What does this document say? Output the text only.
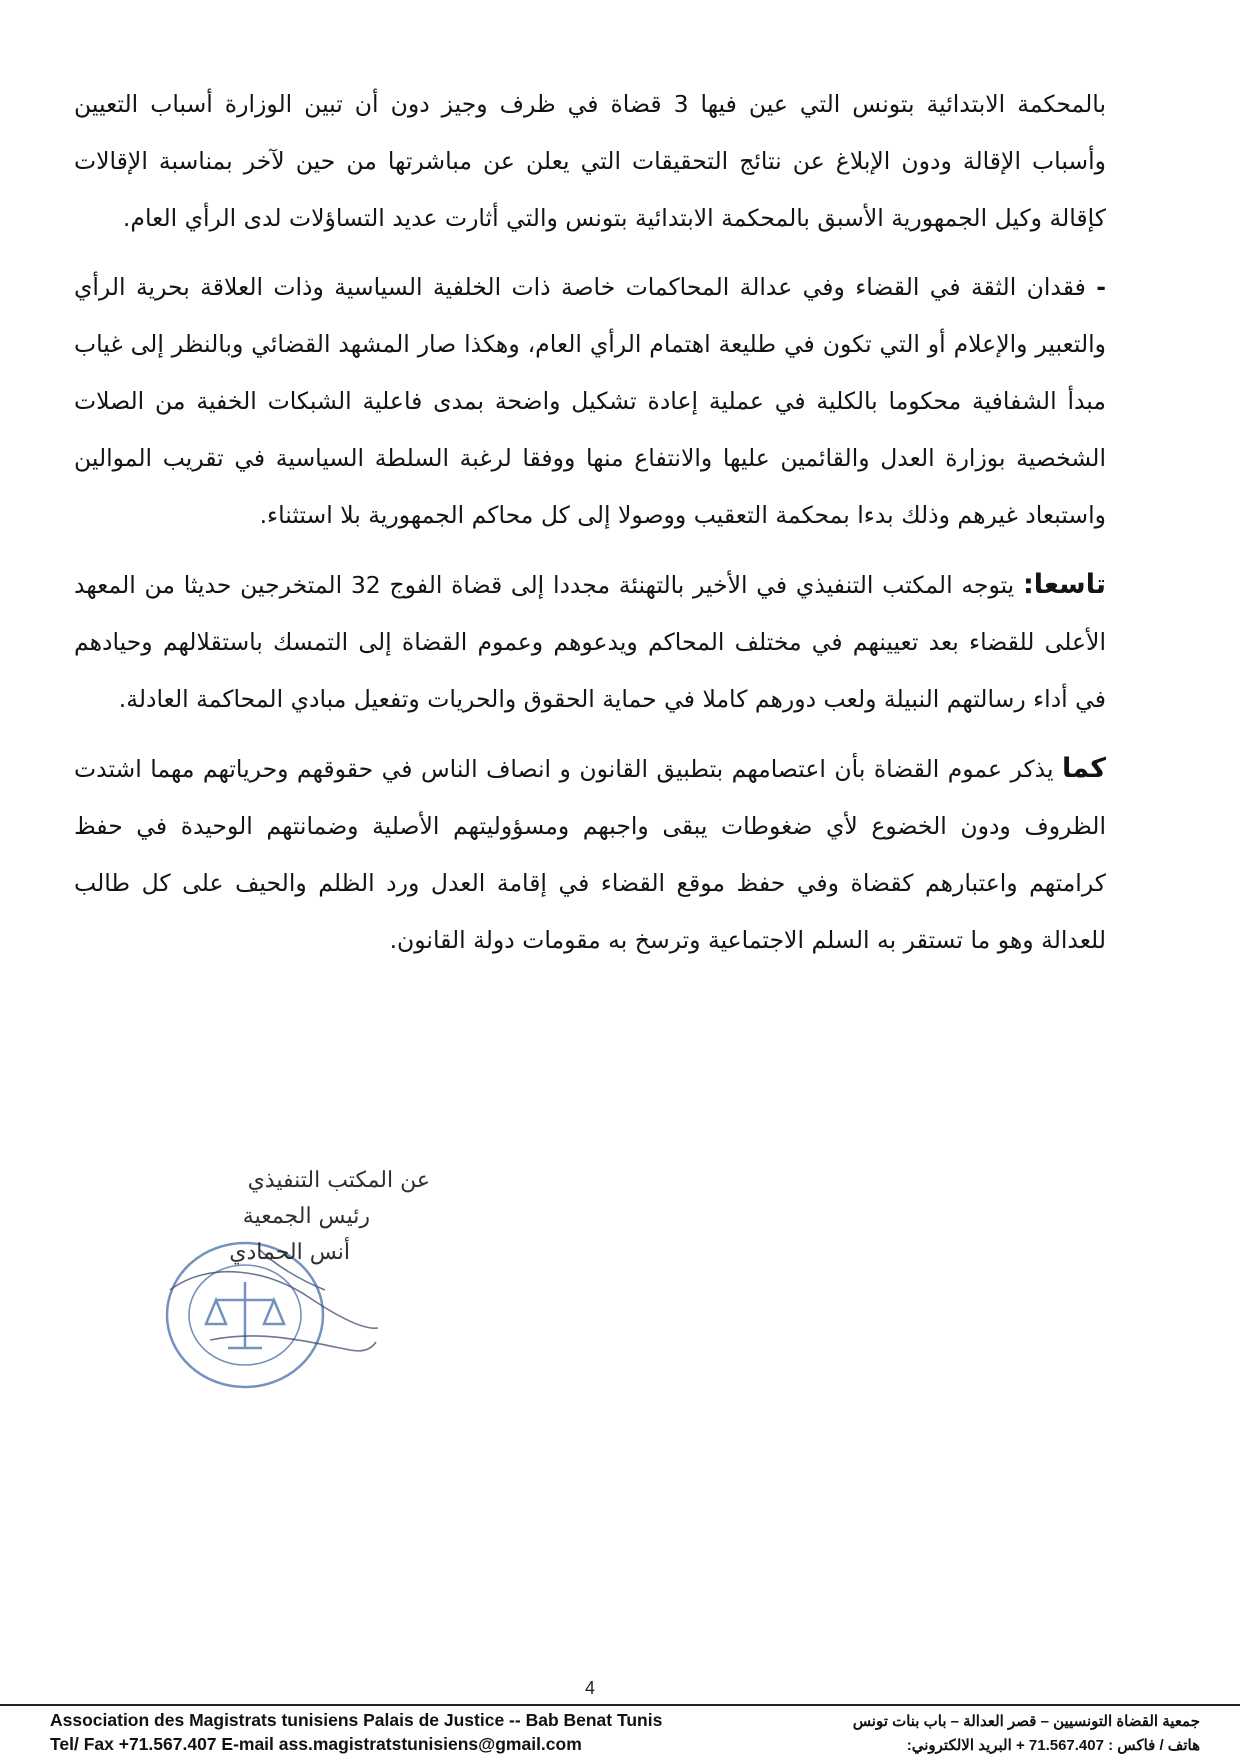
بالمحكمة الابتدائية بتونس التي عين فيها 3 قضاة في ظرف وجيز دون أن تبين الوزارة أسباب التعيين وأسباب الإقالة ودون الإبلاغ عن نتائج التحقيقات التي يعلن عن مباشرتها من حين لآخر بمناسبة الإقالات كإقالة وكيل الجمهورية الأسبق بالمحكمة الابتدائية بتونس والتي أثارت عديد التساؤلات لدى الرأي العام.

- فقدان الثقة في القضاء وفي عدالة المحاكمات خاصة ذات الخلفية السياسية وذات العلاقة بحرية الرأي والتعبير والإعلام أو التي تكون في طليعة اهتمام الرأي العام، وهكذا صار المشهد القضائي وبالنظر إلى غياب مبدأ الشفافية محكوما بالكلية في عملية إعادة تشكيل واضحة بمدى فاعلية الشبكات الخفية من الصلات الشخصية بوزارة العدل والقائمين عليها والانتفاع منها ووفقا لرغبة السلطة السياسية في تقريب الموالين واستبعاد غيرهم وذلك بدءا بمحكمة التعقيب ووصولا إلى كل محاكم الجمهورية بلا استثناء.

تاسعا: يتوجه المكتب التنفيذي في الأخير بالتهنئة مجددا إلى قضاة الفوج 32 المتخرجين حديثا من المعهد الأعلى للقضاء بعد تعيينهم في مختلف المحاكم ويدعوهم وعموم القضاة إلى التمسك باستقلالهم وحيادهم في أداء رسالتهم النبيلة ولعب دورهم كاملا في حماية الحقوق والحريات وتفعيل مبادي المحاكمة العادلة.

كما يذكر عموم القضاة بأن اعتصامهم بتطبيق القانون و انصاف الناس في حقوقهم وحرياتهم مهما اشتدت الظروف ودون الخضوع لأي ضغوطات يبقى واجبهم ومسؤوليتهم الأصلية وضمانتهم الوحيدة في حفظ كرامتهم واعتبارهم كقضاة وفي حفظ موقع القضاء في إقامة العدل ورد الظلم والحيف على كل طالب للعدالة وهو ما تستقر به السلم الاجتماعية وترسخ به مقومات دولة القانون.

عن المكتب التنفيذي
رئيس الجمعية
أنس الحمادي
4
Association des Magistrats tunisiens Palais de Justice -- Bab Benat Tunis	جمعية القضاة التونسيين – قصر العدالة – باب بنات تونس
Tel/ Fax +71.567.407 E-mail ass.magistratstunisiens@gmail.com	هاتف / فاكس : 71.567.407 + البريد الالكتروني:
